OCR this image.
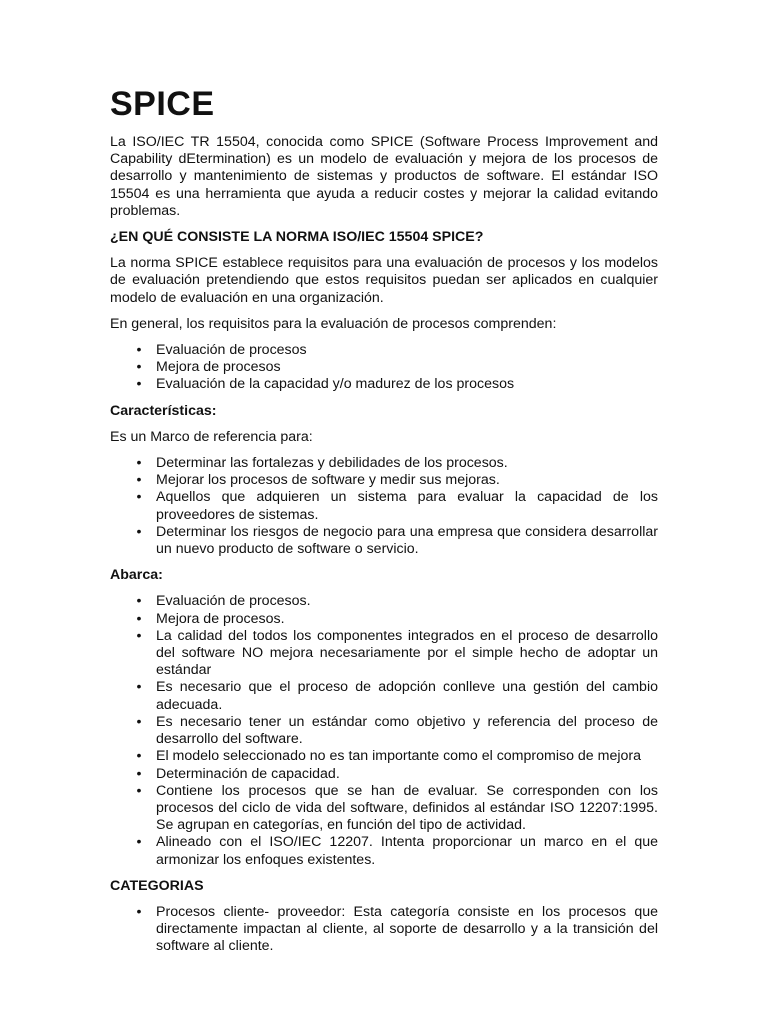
SPICE

La ISO/IEC TR 15504, conocida como SPICE (Software Process Improvement and Capability dEtermination) es un modelo de evaluación y mejora de los procesos de desarrollo y mantenimiento de sistemas y productos de software. El estándar ISO 15504 es una herramienta que ayuda a reducir costes y mejorar la calidad evitando problemas.

¿EN QUÉ CONSISTE LA NORMA ISO/IEC 15504 SPICE?

La norma SPICE establece requisitos para una evaluación de procesos y los modelos de evaluación pretendiendo que estos requisitos puedan ser aplicados en cualquier modelo de evaluación en una organización.

En general, los requisitos para la evaluación de procesos comprenden:

•	Evaluación de procesos
•	Mejora de procesos
•	Evaluación de la capacidad y/o madurez de los procesos
Características:

Es un Marco de referencia para:

•	Determinar las fortalezas y debilidades de los procesos.
•	Mejorar los procesos de software y medir sus mejoras.
•	Aquellos que adquieren un sistema para evaluar la capacidad de los proveedores de sistemas.
•	Determinar los riesgos de negocio para una empresa que considera desarrollar un nuevo producto de software o servicio.
Abarca:
•	Evaluación de procesos.
•	Mejora de procesos.
•	La calidad del todos los componentes integrados en el proceso de desarrollo del software NO mejora necesariamente por el simple hecho de adoptar un estándar
•	Es necesario que el proceso de adopción conlleve una gestión del cambio adecuada.
•	Es necesario tener un estándar como objetivo y referencia del proceso de desarrollo del software.
•	El modelo seleccionado no es tan importante como el compromiso de mejora
•	Determinación de capacidad.
•	Contiene los procesos que se han de evaluar. Se corresponden con los procesos del ciclo de vida del software, definidos al estándar ISO 12207:1995. Se agrupan en categorías, en función del tipo de actividad.
•	Alineado con el ISO/IEC 12207. Intenta proporcionar un marco en el que armonizar los enfoques existentes.
CATEGORIAS
•	Procesos cliente- proveedor: Esta categoría consiste en los procesos que directamente impactan al cliente, al soporte de desarrollo y a la transición del software al cliente.
